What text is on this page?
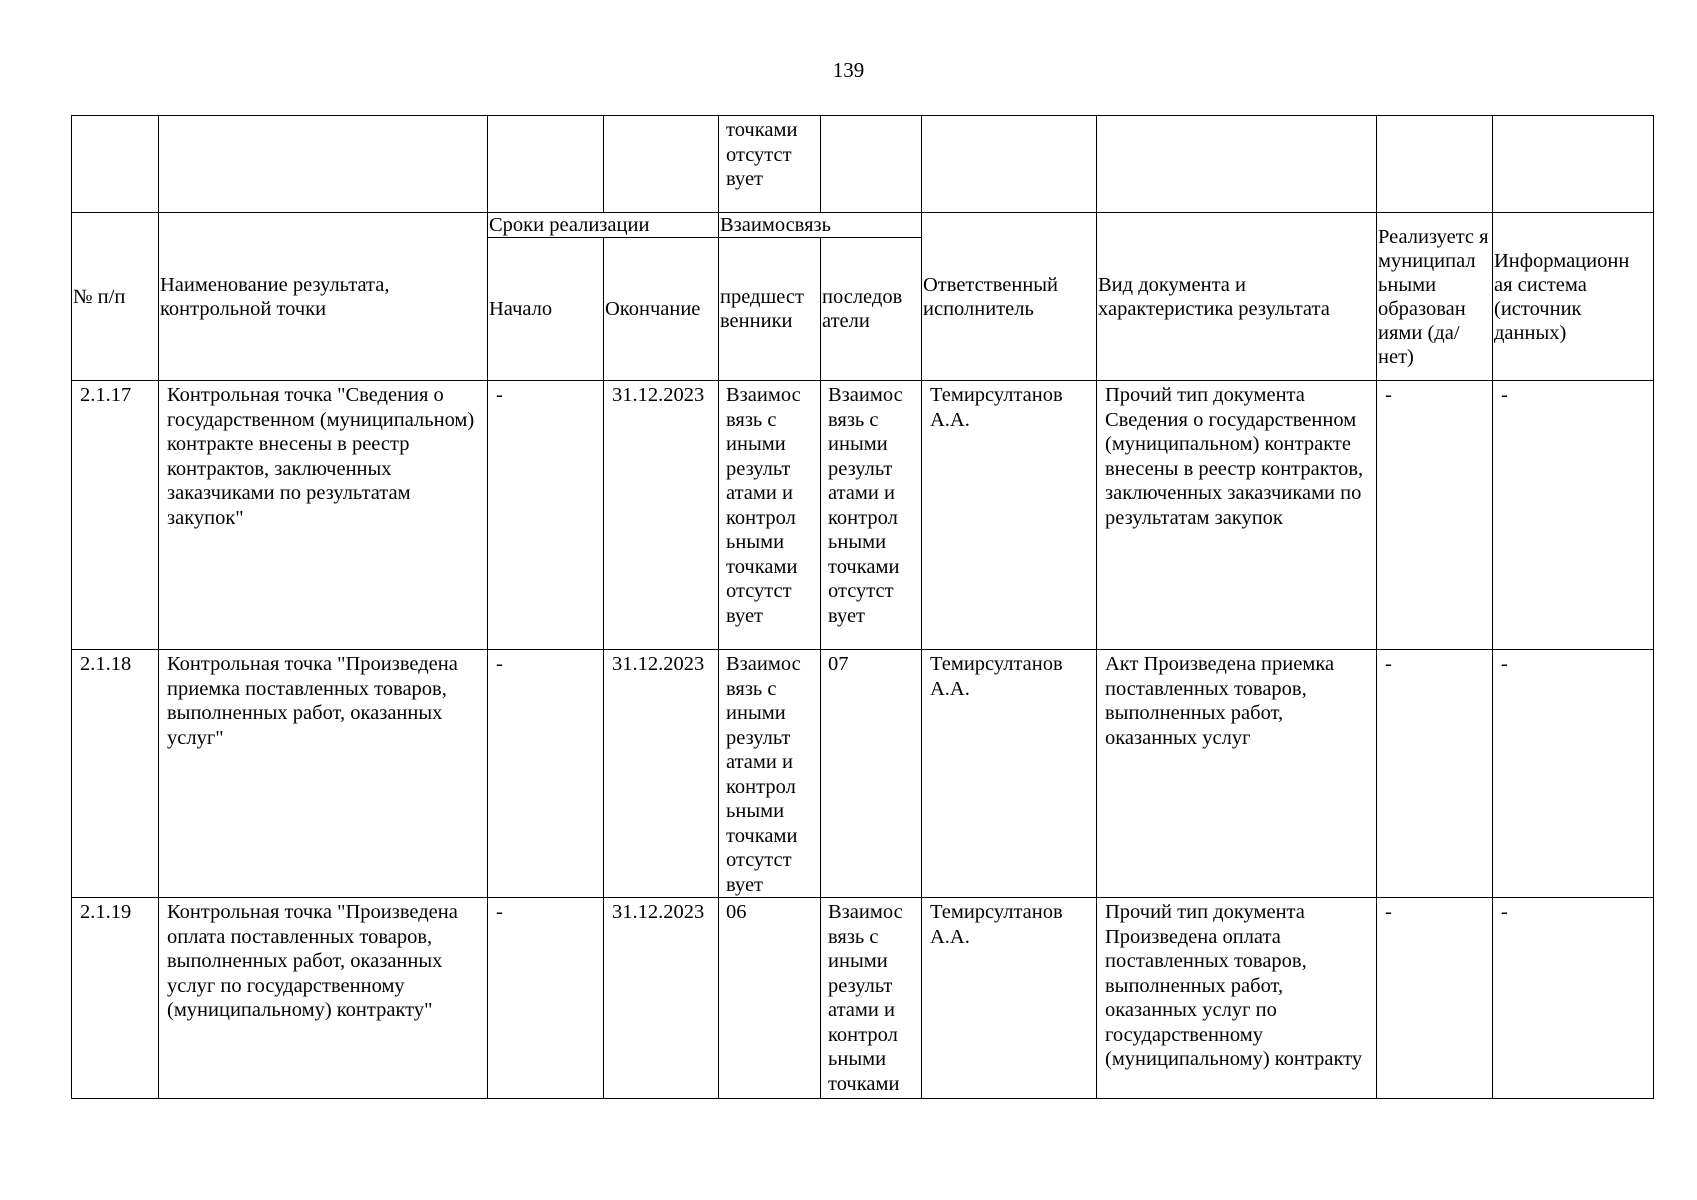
139
				точками отсутст вует					
№ п/п	Наименование результата, контрольной точки	Сроки реализации		Взаимосвязь		Ответственный исполнитель	Вид документа и характеристика результата	Реализуетс я муниципал ьными образован иями (да/нет)	Информационн ая система (источник данных)
		Начало	Окончание	предшест венники	последов атели				
2.1.17	Контрольная точка "Сведения о государственном (муниципальном) контракте внесены в реестр контрактов, заключенных заказчиками по результатам закупок"	-	31.12.2023	Взаимос вязь с иными результ атами и контрол ьными точками отсутст вует	Взаимос вязь с иными результ атами и контрол ьными точками отсутст вует	Темирсултанов А.А.	Прочий тип документа Сведения о государственном (муниципальном) контракте внесены в реестр контрактов, заключенных заказчиками по результатам закупок	-	-
2.1.18	Контрольная точка "Произведена приемка поставленных товаров, выполненных работ, оказанных услуг"	-	31.12.2023	Взаимос вязь с иными результ атами и контрол ьными точками отсутст вует	07	Темирсултанов А.А.	Акт Произведена приемка поставленных товаров, выполненных работ, оказанных услуг	-	-
2.1.19	Контрольная точка "Произведена оплата поставленных товаров, выполненных работ, оказанных услуг по государственному (муниципальному) контракту"	-	31.12.2023	06	Взаимос вязь с иными результ атами и контрол ьными точками	Темирсултанов А.А.	Прочий тип документа Произведена оплата поставленных товаров, выполненных работ, оказанных услуг по государственному (муниципальному) контракту	-	-
